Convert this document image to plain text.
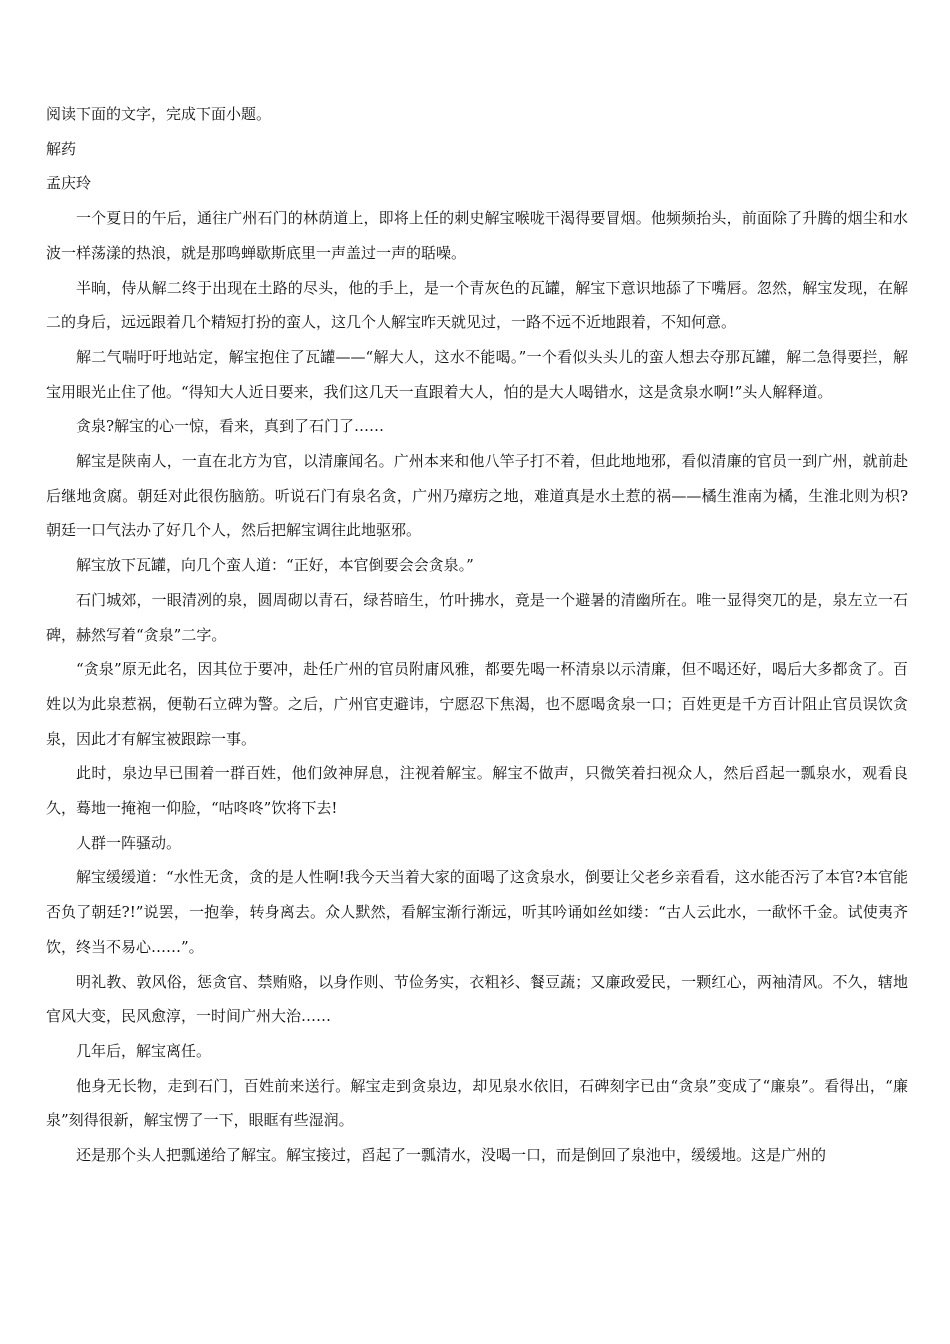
阅读下面的文字，完成下面小题。

解药

孟庆玲

一个夏日的午后，通往广州石门的林荫道上，即将上任的刺史解宝喉咙干渴得要冒烟。他频频抬头，前面除了升腾的烟尘和水波一样荡漾的热浪，就是那鸣蝉歇斯底里一声盖过一声的聒噪。

半晌，侍从解二终于出现在土路的尽头，他的手上，是一个青灰色的瓦罐，解宝下意识地舔了下嘴唇。忽然，解宝发现，在解二的身后，远远跟着几个精短打扮的蛮人，这几个人解宝昨天就见过，一路不远不近地跟着，不知何意。

解二气喘吁吁地站定，解宝抱住了瓦罐——“解大人，这水不能喝。”一个看似头头儿的蛮人想去夺那瓦罐，解二急得要拦，解宝用眼光止住了他。“得知大人近日要来，我们这几天一直跟着大人，怕的是大人喝错水，这是贪泉水啊!”头人解释道。

贪泉?解宝的心一惊，看来，真到了石门了……

解宝是陕南人，一直在北方为官，以清廉闻名。广州本来和他八竿子打不着，但此地地邪，看似清廉的官员一到广州，就前赴后继地贪腐。朝廷对此很伤脑筋。听说石门有泉名贪，广州乃瘴疠之地，难道真是水土惹的祸——橘生淮南为橘，生淮北则为枳?朝廷一口气法办了好几个人，然后把解宝调往此地驱邪。

解宝放下瓦罐，向几个蛮人道：“正好，本官倒要会会贪泉。”

石门城郊，一眼清冽的泉，圆周砌以青石，绿苔暗生，竹叶拂水，竟是一个避暑的清幽所在。唯一显得突兀的是，泉左立一石碑，赫然写着“贪泉”二字。

“贪泉”原无此名，因其位于要冲，赴任广州的官员附庸风雅，都要先喝一杯清泉以示清廉，但不喝还好，喝后大多都贪了。百姓以为此泉惹祸，便勒石立碑为警。之后，广州官吏避讳，宁愿忍下焦渴，也不愿喝贪泉一口；百姓更是千方百计阻止官员误饮贪泉，因此才有解宝被跟踪一事。

此时，泉边早已围着一群百姓，他们敛神屏息，注视着解宝。解宝不做声，只微笑着扫视众人，然后舀起一瓢泉水，观看良久，蓦地一掩袍一仰脸，“咕咚咚”饮将下去!

人群一阵骚动。

解宝缓缓道：“水性无贪，贪的是人性啊!我今天当着大家的面喝了这贪泉水，倒要让父老乡亲看看，这水能否污了本官?本官能否负了朝廷?!”说罢，一抱拳，转身离去。众人默然，看解宝渐行渐远，听其吟诵如丝如缕：“古人云此水，一歃怀千金。试使夷齐饮，终当不易心……”。

明礼教、敦风俗，惩贪官、禁贿赂，以身作则、节俭务实，衣粗衫、餐豆蔬；又廉政爱民，一颗红心，两袖清风。不久，辖地官风大变，民风愈淳，一时间广州大治……

几年后，解宝离任。

他身无长物，走到石门，百姓前来送行。解宝走到贪泉边，却见泉水依旧，石碑刻字已由“贪泉”变成了“廉泉”。看得出，“廉泉”刻得很新，解宝愣了一下，眼眶有些湿润。

还是那个头人把瓢递给了解宝。解宝接过，舀起了一瓢清水，没喝一口，而是倒回了泉池中，缓缓地。这是广州的
